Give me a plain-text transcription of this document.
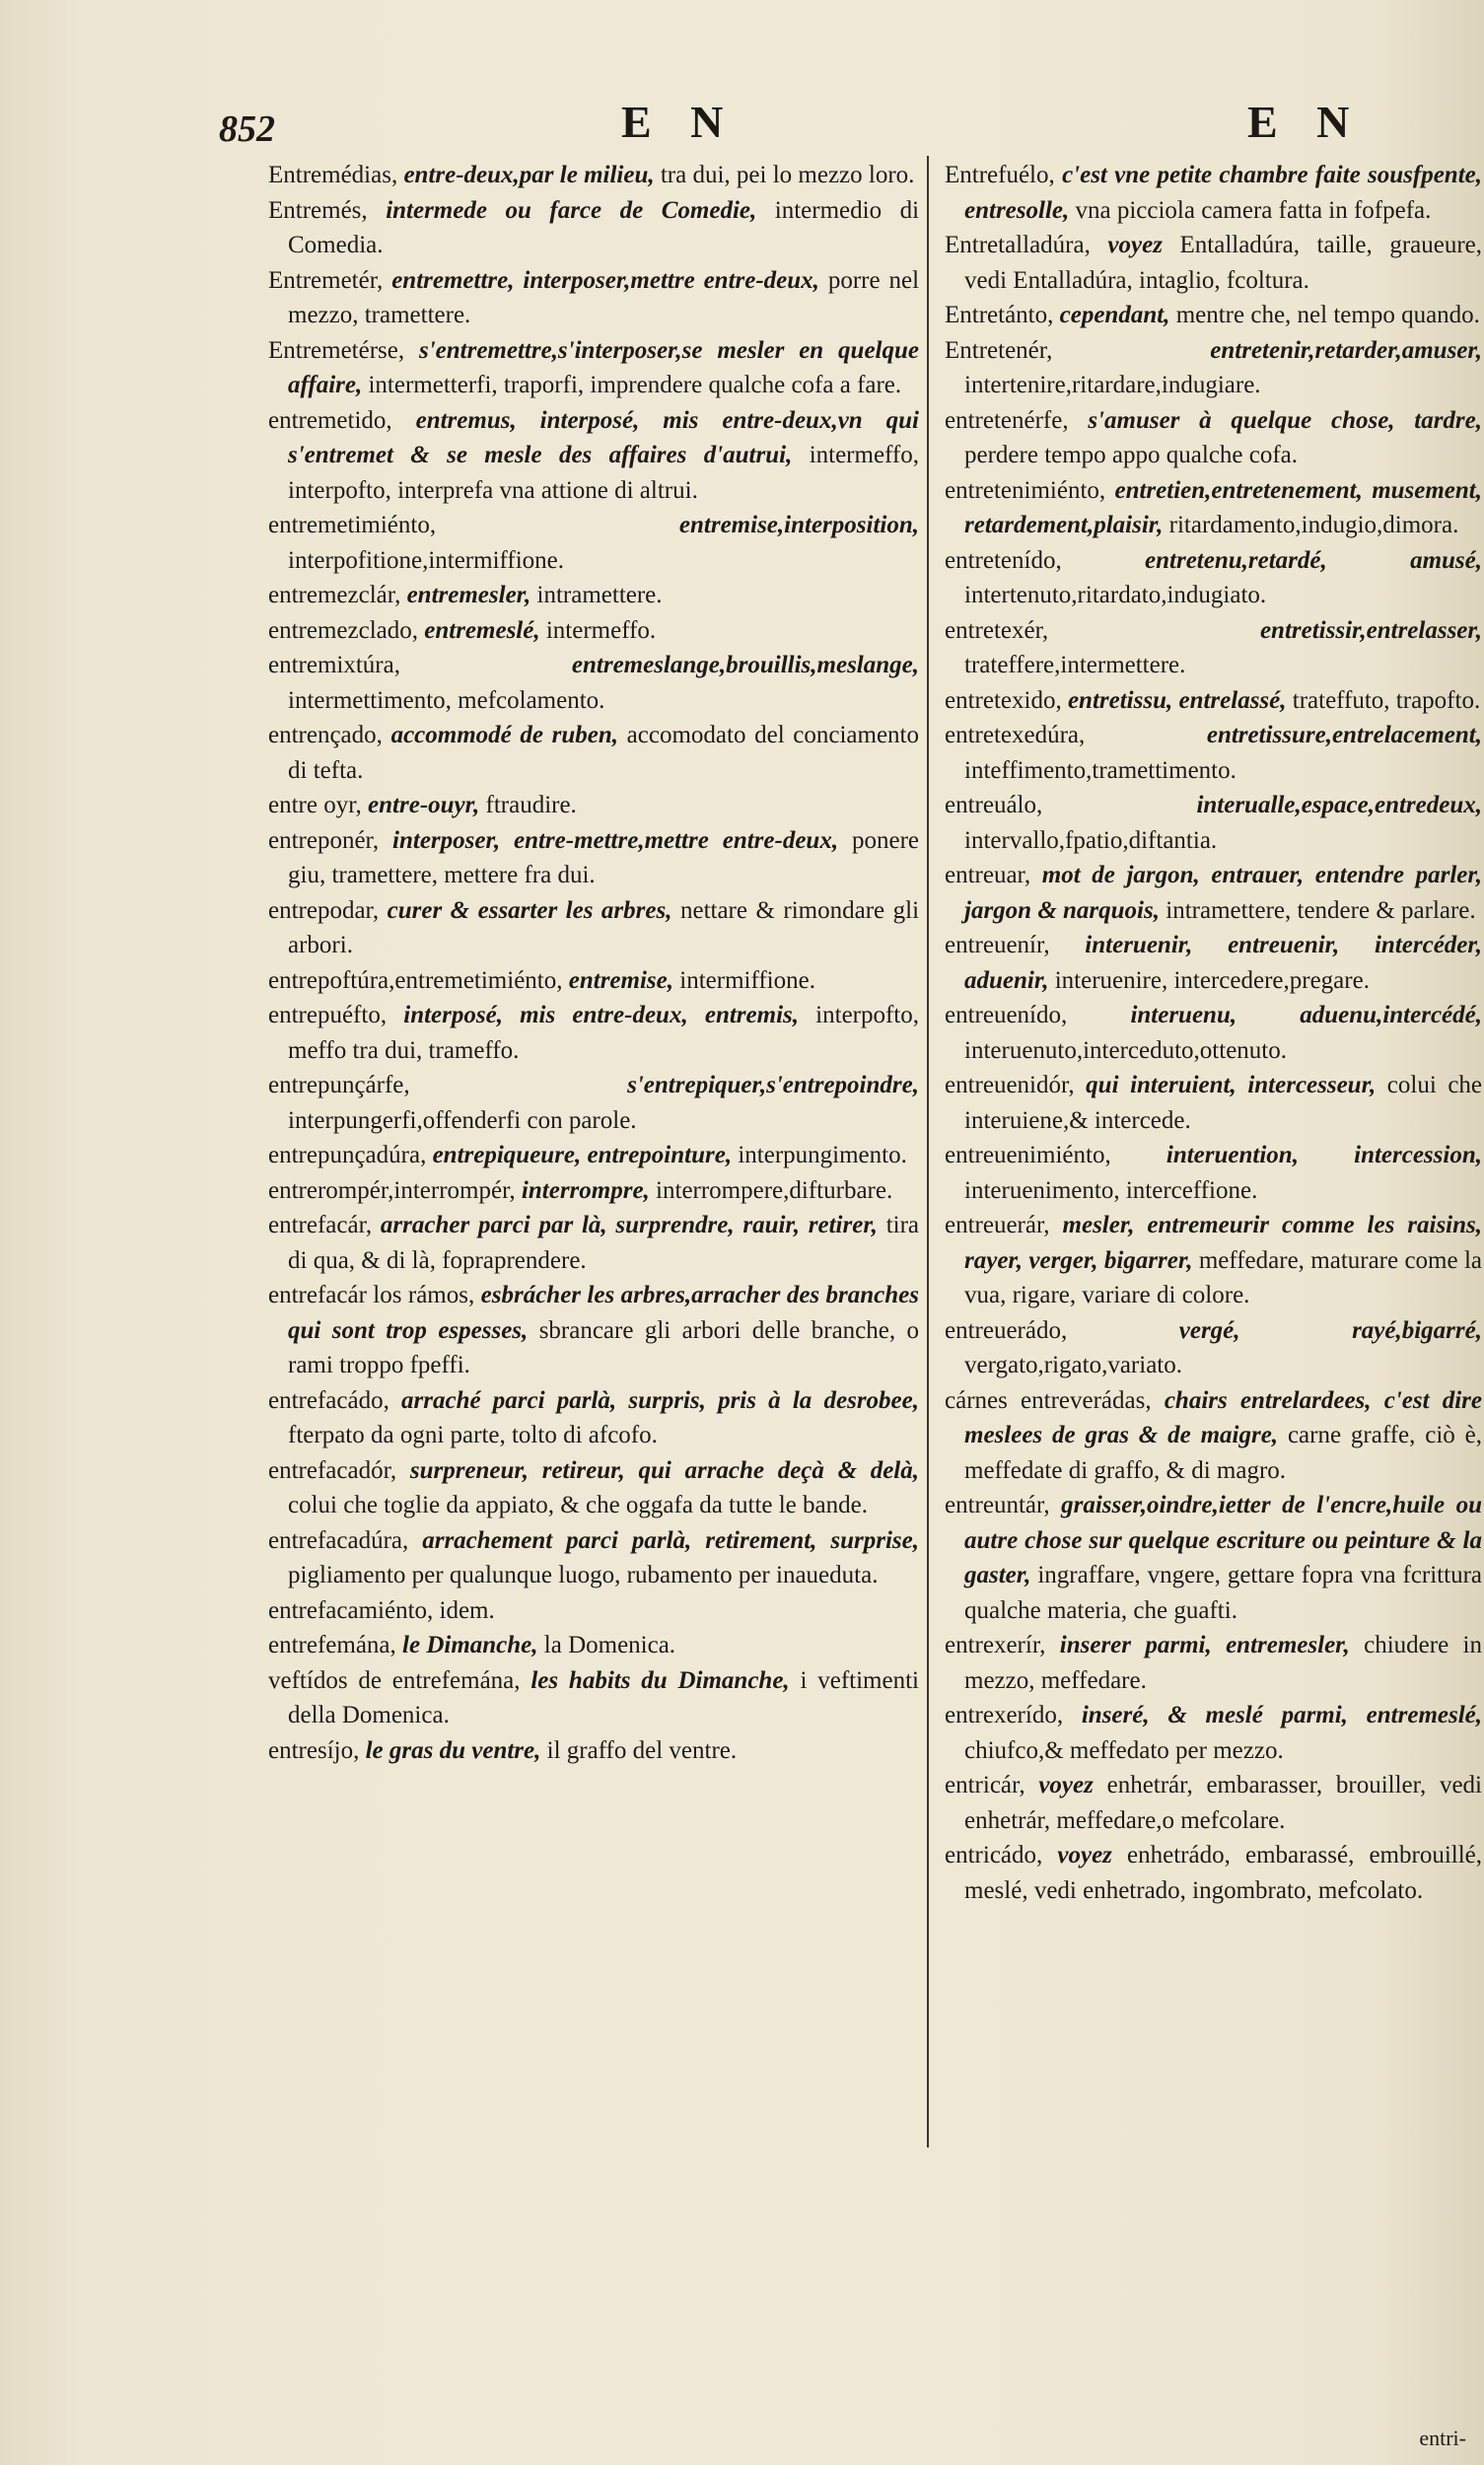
852	E N	E N

Entremédias, entre-deux,par le milieu, tra dui, pei lo mezzo loro.

Entremés, intermede ou farce de Comedie, intermedio di Comedia.

Entremetér, entremettre, interposer,mettre entre-deux, porre nel mezzo, tramettere.

Entremetérse, s'entremettre,s'interposer,se mesler en quelque affaire, intermetterfi, traporfi, imprendere qualche cofa a fare.

entremetido, entremus, interposé, mis entre-deux,vn qui s'entremet & se mesle des affaires d'autrui, intermeffo, interpofto, interprefa vna attione di altrui.

entremetimiénto,	entremise,interposition, interpofitione,intermiffione.

entremezclár, entremesler, intramettere.

entremezclado, entremeslé, intermeffo.

entremixtúra,	entremeslange,brouillis,meslange, intermettimento, mefcolamento.

entrençado, accommodé de ruben, accomodato del conciamento di tefta.

entre oyr, entre-ouyr, ftraudire.

entreponér, interposer, entre-mettre,mettre entre-deux, ponere giu, tramettere, mettere fra dui.

entrepodar, curer & essarter les arbres, nettare & rimondare gli arbori.

entrepoftúra,entremetimiénto, entremise, intermiffione.

entrepuéfto, interposé, mis entre-deux, entremis, interpofto, meffo tra dui, trameffo.

entrepunçárfe,	s'entrepiquer,s'entrepoindre, interpungerfi,offenderfi con parole.

entrepunçadúra, entrepiqueure, entrepointure, interpungimento.

entrerompér,interrompér, interrompre, interrompere,difturbare.

entrefacár, arracher parci par là, surprendre, rauir, retirer, tira di qua, & di là, foprаprendere.

entrefacár los rámos, esbrácher les arbres,arracher des branches qui sont trop espesses, sbrancare gli arbori delle branche, o rami troppo fpeffi.

entrefacádo, arraché parci parlà, surpris, pris à la desrobee, fterpato da ogni parte, tolto di afcofo.

entrefacadór, surpreneur, retireur, qui arrache deçà & delà, colui che toglie da appiato, & che oggafa da tutte le bande.

entrefacadúra, arrachement parci parlà, retirement, surprise, pigliamento per qualunque luogo, rubamento per inaueduta.

entrefacamiénto, idem.

entrefemána, le Dimanche, la Domenica.

veftídos de entrefemána, les habits du Dimanche, i veftimenti della Domenica.

entresíjo, le gras du ventre, il graffo del ventre.

Entrefuélo, c'est vne petite chambre faite sousfpente, entresolle, vna picciola camera fatta in fofpefa.

Entretalladúra, voyez Entalladúra, taille, graueure, vedi Entalladúra, intaglio, fcoltura.

Entretánto, cependant, mentre che, nel tempo quando.

Entretenér,	entretenir,retarder,amuser, intertenire,ritardare,indugiare.

entretenérfe, s'amuser à quelque chose, tardre, perdere tempo appo qualche cofa.

entretenimiénto, entretien,entretenement, musement, retardement,plaisir, ritardamento,indugio,dimora.

entretenído,	entretenu,retardé, amusé, intertenuto,ritardato,indugiato.

entretexér,	entretissir,entrelasser, trateffere,intermettere.

entretexido, entretissu, entrelassé, trateffuto, trapofto.

entretexedúra,	entretissure,entrelacement, inteffimento,tramettimento.

entreuálo,	interualle,espace,entredeux, intervallo,fpatio,diftantia.

entreuar, mot de jargon, entrauer, entendre parler, jargon & narquois, intramettere, tendere & parlare.

entreuenír, interuenir, entreuenir, intercéder, aduenir, interuenire, intercedere,pregare.

entreuenído,	interuenu, aduenu,intercédé, interuenuto,interceduto,ottenuto.

entreuenidór, qui interuient, intercesseur, colui che interuiene,& intercede.

entreuenimiénto, interuention, intercession, interuenimento, interceffione.

entreuerár, mesler, entremeurir comme les raisins, rayer, verger, bigarrer, meffedare, maturare come la vua, rigare, variare di colore.

entreuerádo,	vergé, rayé,bigarré, vergato,rigato,variato.

cárnes entreverádas, chairs entrelardees, c'est dire meslees de gras & de maigre, carne graffe, ciò è, meffedate di graffo, & di magro.

entreuntár, graisser,oindre,ietter de l'encre,huile ou autre chose sur quelque escriture ou peinture & la gaster, ingraffare, vngere, gettare fopra vna fcrittura qualche materia, che guafti.

entrexerír, inserer parmi, entremesler, chiudere in mezzo, meffedare.

entrexerído, inseré, & meslé parmi, entremeslé, chiufco,& meffedato per mezzo.

entricár, voyez enhetrár, embarasser, brouiller, vedi enhetrár, meffedare,o mefcolare.

entricádo, voyez enhetrádo, embarassé, embrouillé, meslé, vedi enhetrado, ingombrato, mefcolato.

entri-
